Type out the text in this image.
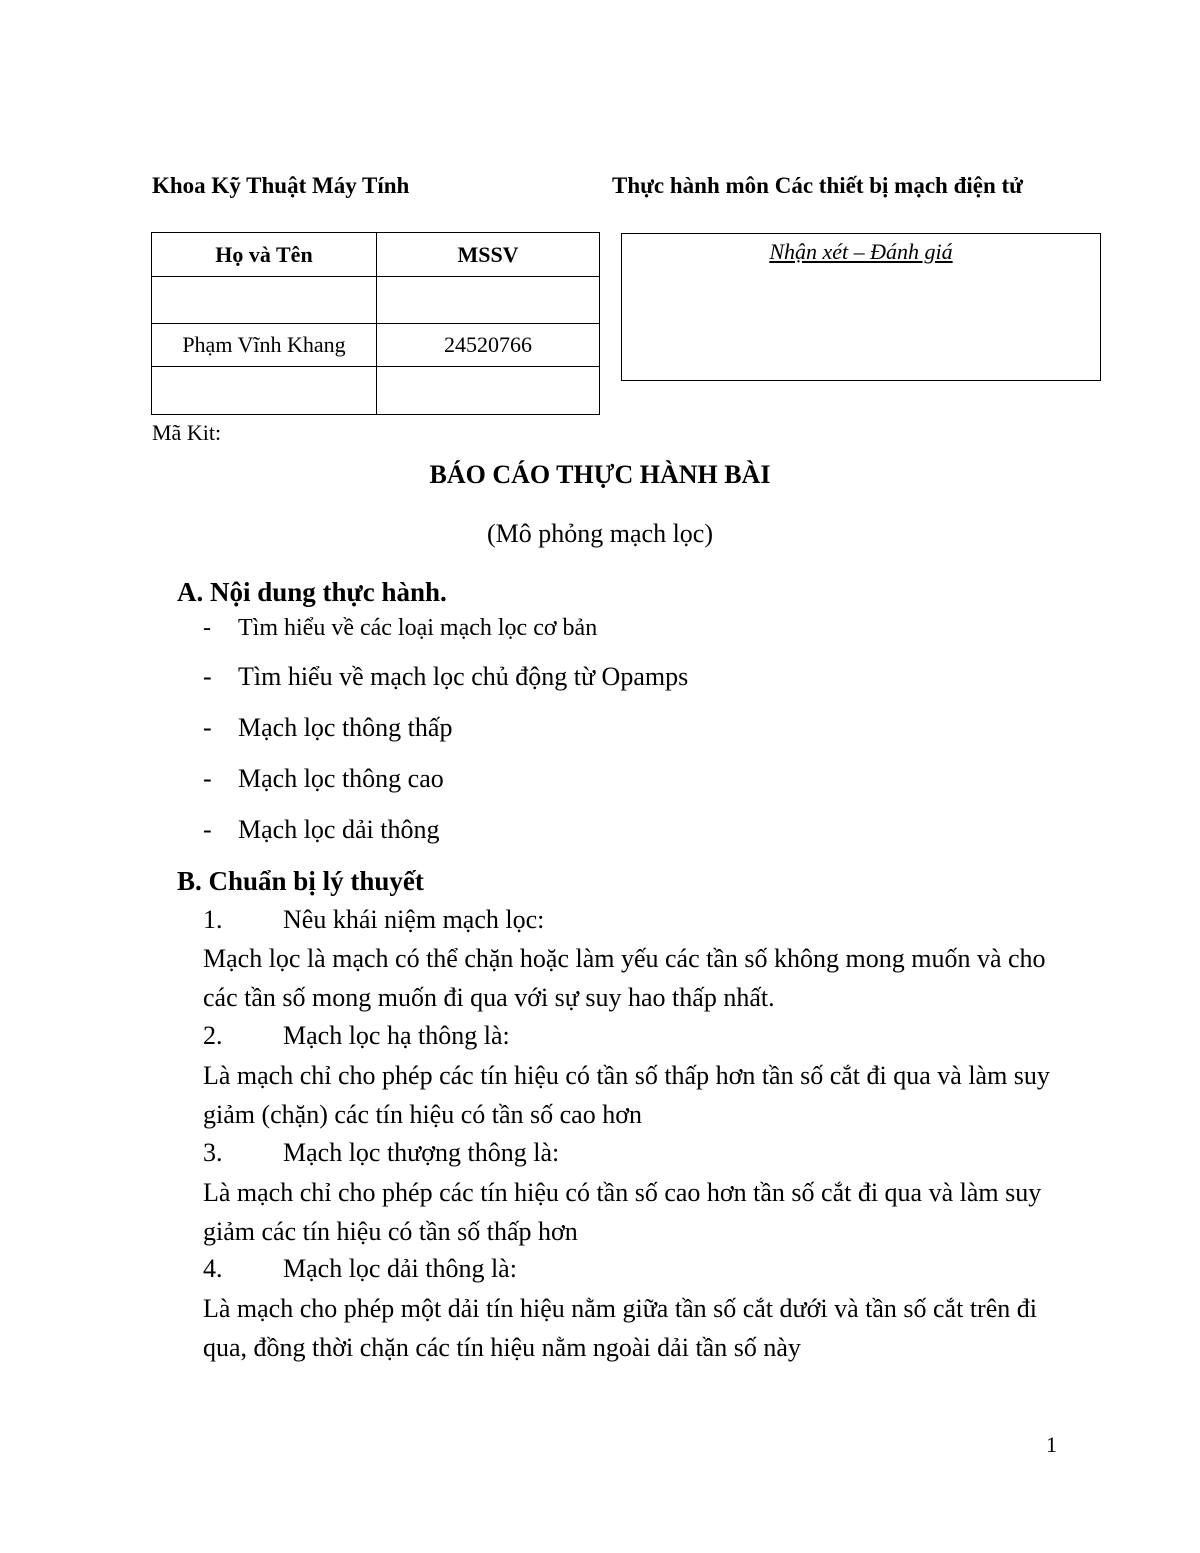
Khoa Kỹ Thuật Máy Tính	Thực hành môn Các thiết bị mạch điện tử
Họ và Tên	MSSV

Phạm Vĩnh Khang	24520766

Nhận xét – Đánh giá
Mã Kit:
BÁO CÁO THỰC HÀNH BÀI
(Mô phỏng mạch lọc)
A. Nội dung thực hành.
- Tìm hiểu về các loại mạch lọc cơ bản
- Tìm hiểu về mạch lọc chủ động từ Opamps
- Mạch lọc thông thấp
- Mạch lọc thông cao
- Mạch lọc dải thông
B. Chuẩn bị lý thuyết
1. Nêu khái niệm mạch lọc:
Mạch lọc là mạch có thể chặn hoặc làm yếu các tần số không mong muốn và cho các tần số mong muốn đi qua với sự suy hao thấp nhất.
2. Mạch lọc hạ thông là:
Là mạch chỉ cho phép các tín hiệu có tần số thấp hơn tần số cắt đi qua và làm suy giảm (chặn) các tín hiệu có tần số cao hơn
3. Mạch lọc thượng thông là:
Là mạch chỉ cho phép các tín hiệu có tần số cao hơn tần số cắt đi qua và làm suy giảm các tín hiệu có tần số thấp hơn
4. Mạch lọc dải thông là:
Là mạch cho phép một dải tín hiệu nằm giữa tần số cắt dưới và tần số cắt trên đi qua, đồng thời chặn các tín hiệu nằm ngoài dải tần số này
1
